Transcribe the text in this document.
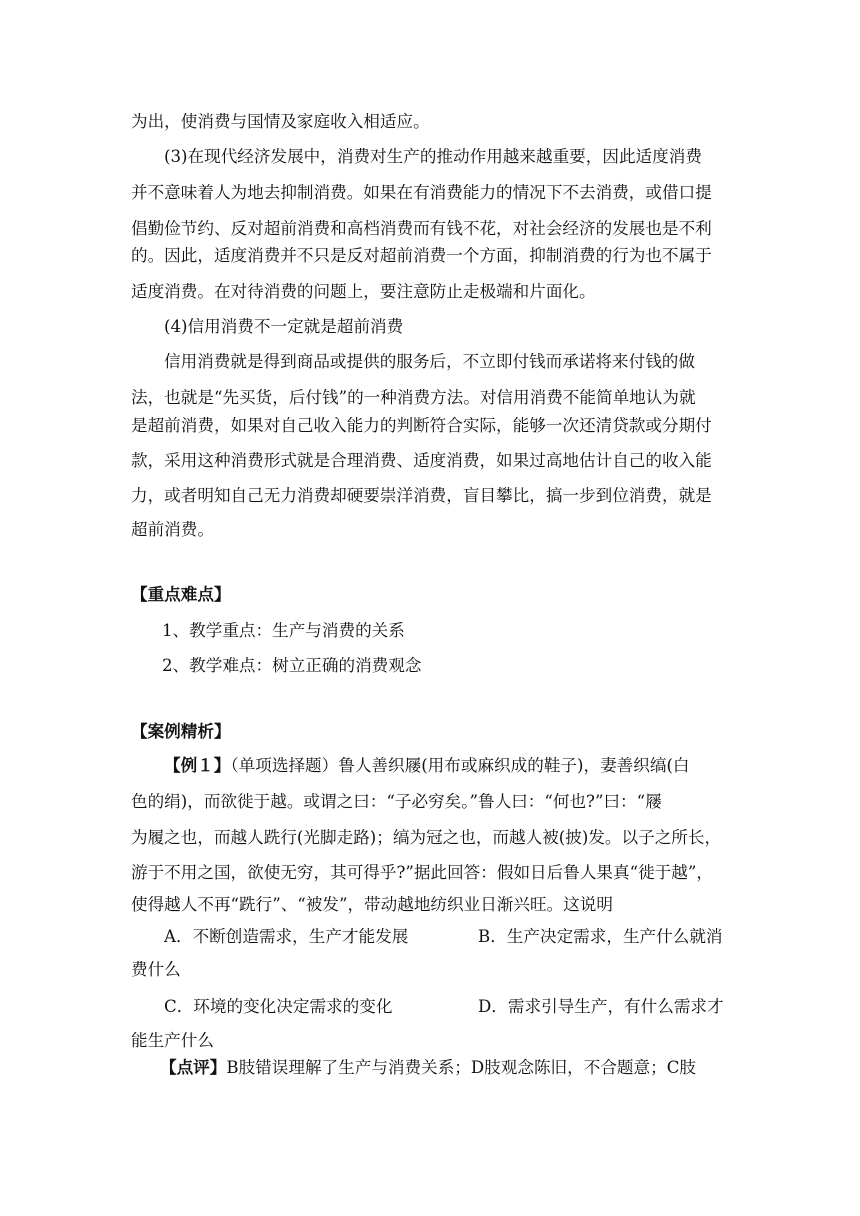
为出，使消费与国情及家庭收入相适应。
(3)在现代经济发展中，消费对生产的推动作用越来越重要，因此适度消费
并不意味着人为地去抑制消费。如果在有消费能力的情况下不去消费，或借口提
倡勤俭节约、反对超前消费和高档消费而有钱不花，对社会经济的发展也是不利
的。因此，适度消费并不只是反对超前消费一个方面，抑制消费的行为也不属于
适度消费。在对待消费的问题上，要注意防止走极端和片面化。
(4)信用消费不一定就是超前消费
信用消费就是得到商品或提供的服务后，不立即付钱而承诺将来付钱的做
法，也就是“先买货，后付钱”的一种消费方法。对信用消费不能简单地认为就
是超前消费，如果对自己收入能力的判断符合实际，能够一次还清贷款或分期付
款，采用这种消费形式就是合理消费、适度消费，如果过高地估计自己的收入能
力，或者明知自己无力消费却硬要崇洋消费，盲目攀比，搞一步到位消费，就是
超前消费。
【重点难点】
1、教学重点：生产与消费的关系
2、教学难点：树立正确的消费观念
【案例精析】
【例１】（单项选择题）鲁人善织屦(用布或麻织成的鞋子)，妻善织缟(白
色的绢)，而欲徙于越。或谓之曰：“子必穷矣。”鲁人曰：“何也?”曰：“屦
为履之也，而越人跣行(光脚走路)；缟为冠之也，而越人被(披)发。以子之所长，
游于不用之国，欲使无穷，其可得乎?”据此回答：假如日后鲁人果真“徙于越”，
使得越人不再“跣行”、“被发”，带动越地纺织业日渐兴旺。这说明
A．不断创造需求，生产才能发展	B．生产决定需求，生产什么就消
费什么
C．环境的变化决定需求的变化	D．需求引导生产，有什么需求才
能生产什么
【点评】B肢错误理解了生产与消费关系；D肢观念陈旧，不合题意；C肢
